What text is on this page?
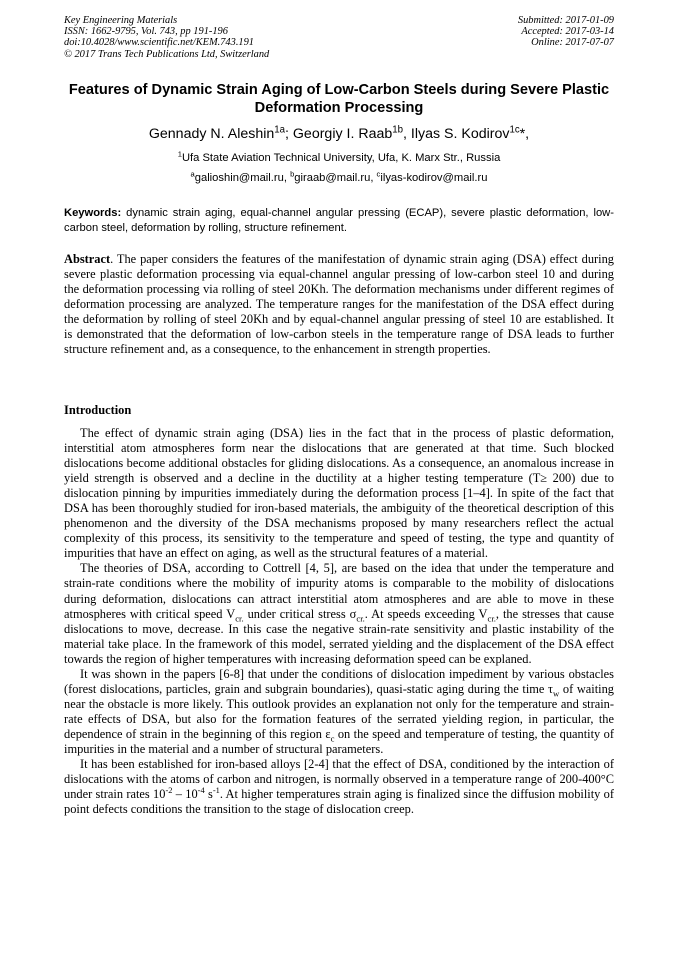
Key Engineering Materials
ISSN: 1662-9795, Vol. 743, pp 191-196
doi:10.4028/www.scientific.net/KEM.743.191
© 2017 Trans Tech Publications Ltd, Switzerland
Submitted: 2017-01-09
Accepted: 2017-03-14
Online: 2017-07-07
Features of Dynamic Strain Aging of Low-Carbon Steels during Severe Plastic Deformation Processing
Gennady N. Aleshin$^{1a}$; Georgiy I. Raab$^{1b}$, Ilyas S. Kodirov$^{1c}$*,
$^1$Ufa State Aviation Technical University, Ufa, K. Marx Str., Russia
$^a$galioshin@mail.ru, $^b$giraab@mail.ru, $^c$ilyas-kodirov@mail.ru
Keywords: dynamic strain aging, equal-channel angular pressing (ECAP), severe plastic deformation, low-carbon steel, deformation by rolling, structure refinement.
Abstract. The paper considers the features of the manifestation of dynamic strain aging (DSA) effect during severe plastic deformation processing via equal-channel angular pressing of low-carbon steel 10 and during the deformation processing via rolling of steel 20Kh. The deformation mechanisms under different regimes of deformation processing are analyzed. The temperature ranges for the manifestation of the DSA effect during the deformation by rolling of steel 20Kh and by equal-channel angular pressing of steel 10 are established. It is demonstrated that the deformation of low-carbon steels in the temperature range of DSA leads to further structure refinement and, as a consequence, to the enhancement in strength properties.
Introduction

The effect of dynamic strain aging (DSA) lies in the fact that in the process of plastic deformation, interstitial atom atmospheres form near the dislocations that are generated at that time. Such blocked dislocations become additional obstacles for gliding dislocations. As a consequence, an anomalous increase in yield strength is observed and a decline in the ductility at a higher testing temperature (T≥ 200) due to dislocation pinning by impurities immediately during the deformation process [1–4]. In spite of the fact that DSA has been thoroughly studied for iron-based materials, the ambiguity of the theoretical description of this phenomenon and the diversity of the DSA mechanisms proposed by many researchers reflect the actual complexity of this process, its sensitivity to the temperature and speed of testing, the type and quantity of impurities that have an effect on aging, as well as the structural features of a material.

The theories of DSA, according to Cottrell [4, 5], are based on the idea that under the temperature and strain-rate conditions where the mobility of impurity atoms is comparable to the mobility of dislocations during deformation, dislocations can attract interstitial atom atmospheres and are able to move in these atmospheres with critical speed $V_{cr.}$ under critical stress $\sigma_{cr.}$. At speeds exceeding $V_{cr.}$, the stresses that cause dislocations to move, decrease. In this case the negative strain-rate sensitivity and plastic instability of the material take place. In the framework of this model, serrated yielding and the displacement of the DSA effect towards the region of higher temperatures with increasing deformation speed can be explaned.

It was shown in the papers [6-8] that under the conditions of dislocation impediment by various obstacles (forest dislocations, particles, grain and subgrain boundaries), quasi-static aging during the time $\tau_w$ of waiting near the obstacle is more likely. This outlook provides an explanation not only for the temperature and strain-rate effects of DSA, but also for the formation features of the serrated yielding region, in particular, the dependence of strain in the beginning of this region $\varepsilon_c$ on the speed and temperature of testing, the quantity of impurities in the material and a number of structural parameters.

It has been established for iron-based alloys [2-4] that the effect of DSA, conditioned by the interaction of dislocations with the atoms of carbon and nitrogen, is normally observed in a temperature range of 200-400°C under strain rates $10^{-2} - 10^{-4}$ $s^{-1}$. At higher temperatures strain aging is finalized since the diffusion mobility of point defects conditions the transition to the stage of dislocation creep.
